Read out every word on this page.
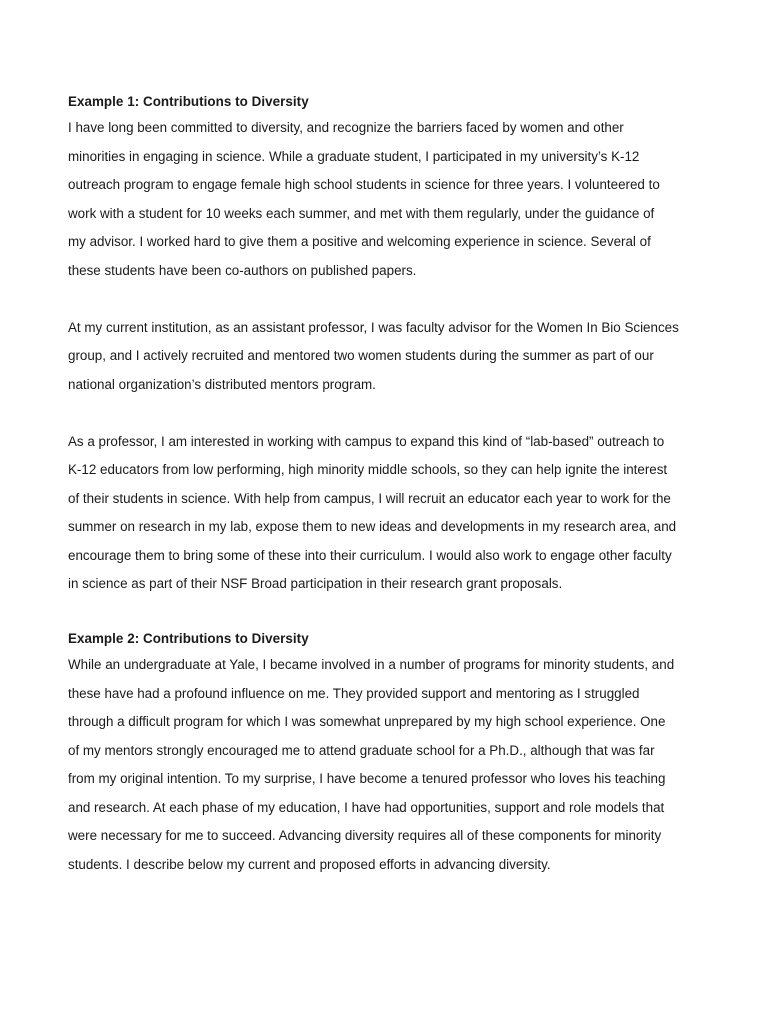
Example 1: Contributions to Diversity
I have long been committed to diversity, and recognize the barriers faced by women and other
minorities in engaging in science. While a graduate student, I participated in my university’s K-12
outreach program to engage female high school students in science for three years. I volunteered to
work with a student for 10 weeks each summer, and met with them regularly, under the guidance of
my advisor. I worked hard to give them a positive and welcoming experience in science. Several of
these students have been co-authors on published papers.
At my current institution, as an assistant professor, I was faculty advisor for the Women In Bio Sciences
group, and I actively recruited and mentored two women students during the summer as part of our
national organization’s distributed mentors program.
As a professor, I am interested in working with campus to expand this kind of “lab-based” outreach to
K-12 educators from low performing, high minority middle schools, so they can help ignite the interest
of their students in science. With help from campus, I will recruit an educator each year to work for the
summer on research in my lab, expose them to new ideas and developments in my research area, and
encourage them to bring some of these into their curriculum. I would also work to engage other faculty
in science as part of their NSF Broad participation in their research grant proposals.
Example 2: Contributions to Diversity
While an undergraduate at Yale, I became involved in a number of programs for minority students, and
these have had a profound influence on me. They provided support and mentoring as I struggled
through a difficult program for which I was somewhat unprepared by my high school experience. One
of my mentors strongly encouraged me to attend graduate school for a Ph.D., although that was far
from my original intention. To my surprise, I have become a tenured professor who loves his teaching
and research. At each phase of my education, I have had opportunities, support and role models that
were necessary for me to succeed. Advancing diversity requires all of these components for minority
students. I describe below my current and proposed efforts in advancing diversity.
